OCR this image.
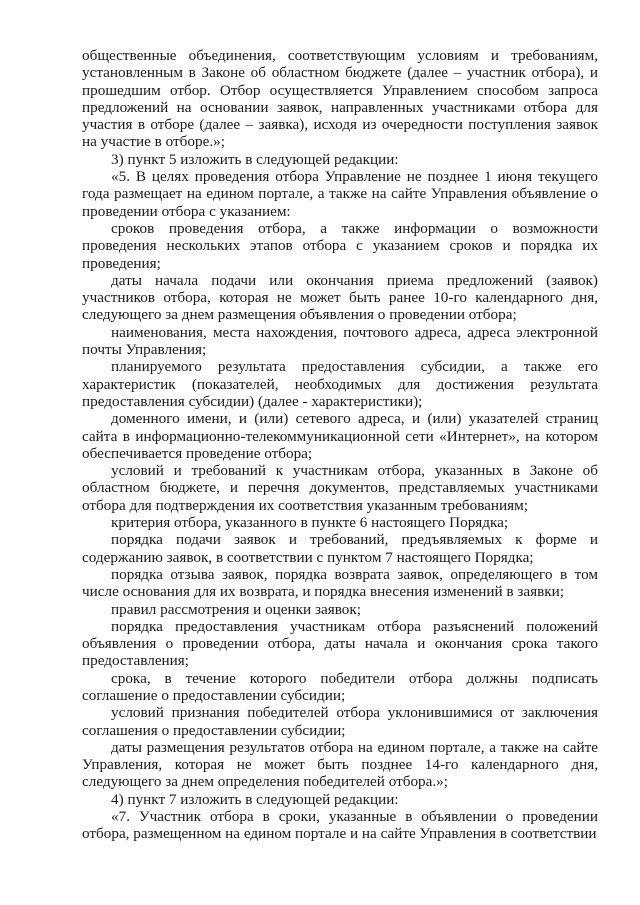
общественные объединения, соответствующим условиям и требованиям, установленным в Законе об областном бюджете (далее – участник отбора), и прошедшим отбор. Отбор осуществляется Управлением способом запроса предложений на основании заявок, направленных участниками отбора для участия в отборе (далее – заявка), исходя из очередности поступления заявок на участие в отборе.»;

3) пункт 5 изложить в следующей редакции:

«5. В целях проведения отбора Управление не позднее 1 июня текущего года размещает на едином портале, а также на сайте Управления объявление о проведении отбора с указанием:

сроков проведения отбора, а также информации о возможности проведения нескольких этапов отбора с указанием сроков и порядка их проведения;

даты начала подачи или окончания приема предложений (заявок) участников отбора, которая не может быть ранее 10-го календарного дня, следующего за днем размещения объявления о проведении отбора;

наименования, места нахождения, почтового адреса, адреса электронной почты Управления;

планируемого результата предоставления субсидии, а также его характеристик (показателей, необходимых для достижения результата предоставления субсидии) (далее - характеристики);

доменного имени, и (или) сетевого адреса, и (или) указателей страниц сайта в информационно-телекоммуникационной сети «Интернет», на котором обеспечивается проведение отбора;

условий и требований к участникам отбора, указанных в Законе об областном бюджете, и перечня документов, представляемых участниками отбора для подтверждения их соответствия указанным требованиям;

критерия отбора, указанного в пункте 6 настоящего Порядка;

порядка подачи заявок и требований, предъявляемых к форме и содержанию заявок, в соответствии с пунктом 7 настоящего Порядка;

порядка отзыва заявок, порядка возврата заявок, определяющего в том числе основания для их возврата, и порядка внесения изменений в заявки;

правил рассмотрения и оценки заявок;

порядка предоставления участникам отбора разъяснений положений объявления о проведении отбора, даты начала и окончания срока такого предоставления;

срока, в течение которого победители отбора должны подписать соглашение о предоставлении субсидии;

условий признания победителей отбора уклонившимися от заключения соглашения о предоставлении субсидии;

даты размещения результатов отбора на едином портале, а также на сайте Управления, которая не может быть позднее 14-го календарного дня, следующего за днем определения победителей отбора.»;

4) пункт 7 изложить в следующей редакции:

«7. Участник отбора в сроки, указанные в объявлении о проведении отбора, размещенном на едином портале и на сайте Управления в соответствии
